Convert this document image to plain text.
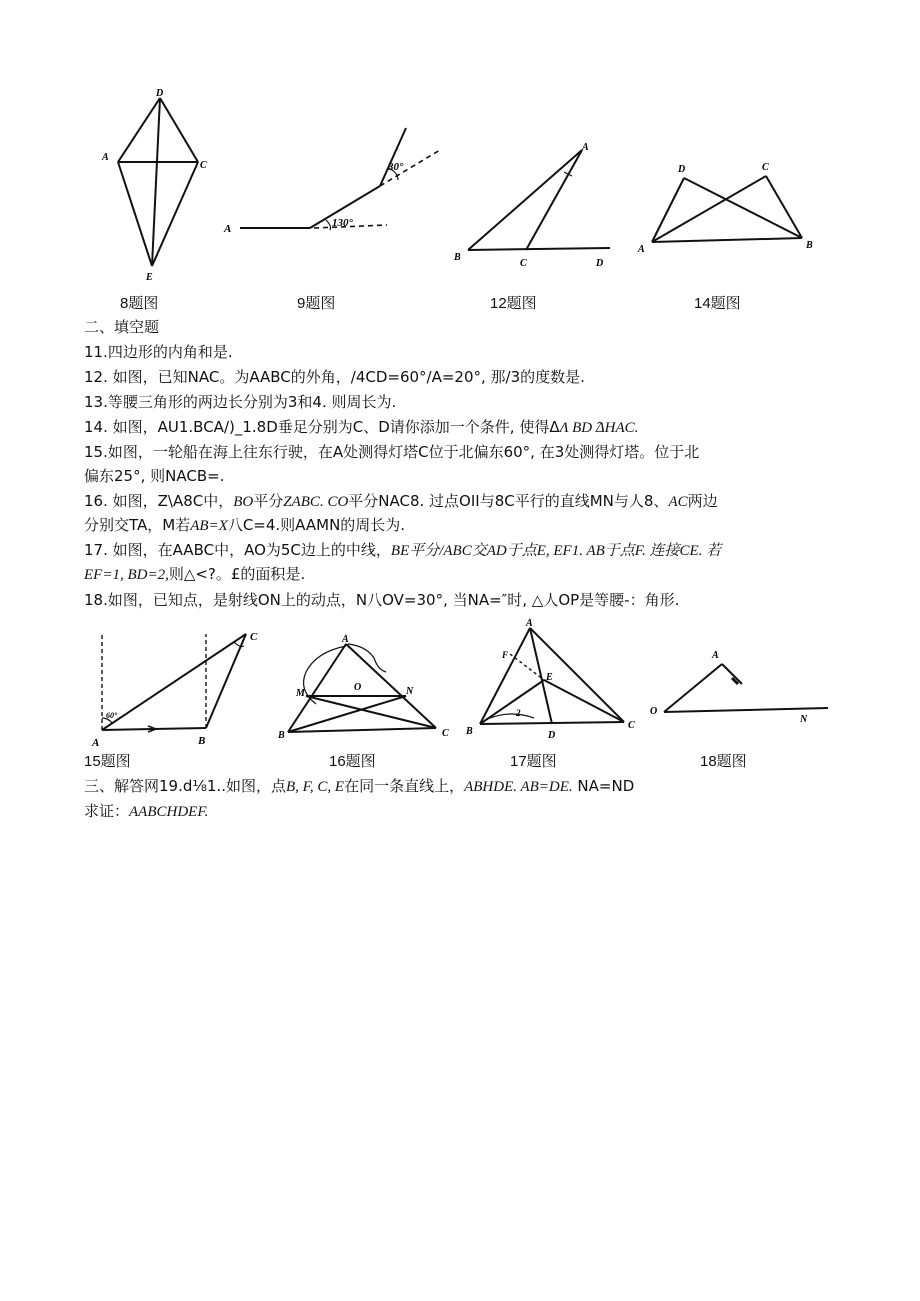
D
A
C
E
A
30°
130°
A
B
C	D
D	C
A	B
8题图	9题图	12题图	14题图
二、填空题
11.四边形的内角和是.
12. 如图，已知NAC。为AABC的外角，/4CD=60°/A=20°, 那/3的度数是.
13.等腰三角形的两边长分别为3和4. 则周长为.
14. 如图，AU1.BCA/)_1.8D垂足分别为C、D请你添加一个条件, 使得ΔΛ BD ̂ΔHAC.
15.如图，一轮船在海上往东行驶，在A处测得灯塔C位于北偏东60°, 在3处测得灯塔。位于北
偏东25°, 则NACB=.
16. 如图，Z\A8C中，BO平分ZABC. CO平分NAC8. 过点OII与8C平行的直线MN与人8、AC两边
分别交TA，M若AB=X八C=4.则AAMN的周长为.
17. 如图，在AABC中，AO为5C边上的中线，BE平分/ABC交AD于点E, EF1. AB于点F. 连接CE. 若
EF=1, BD=2,则△<?。£的面积是.
18.如图，已知点，是射线ON上的动点，N八OV=30°, 当NA=″时, △人OP是等腰-：角形.
C
A	B
60°
A
M
O	N
B	C
A
E
F
B	D
C
2
A
O
N
15题图	16题图	17题图	18题图
三、解答网19.d⅛1..如图，点B, F, C, E在同一条直线上，ABHDE. AB=DE. NA=ND
求证：AABCHDEF.
